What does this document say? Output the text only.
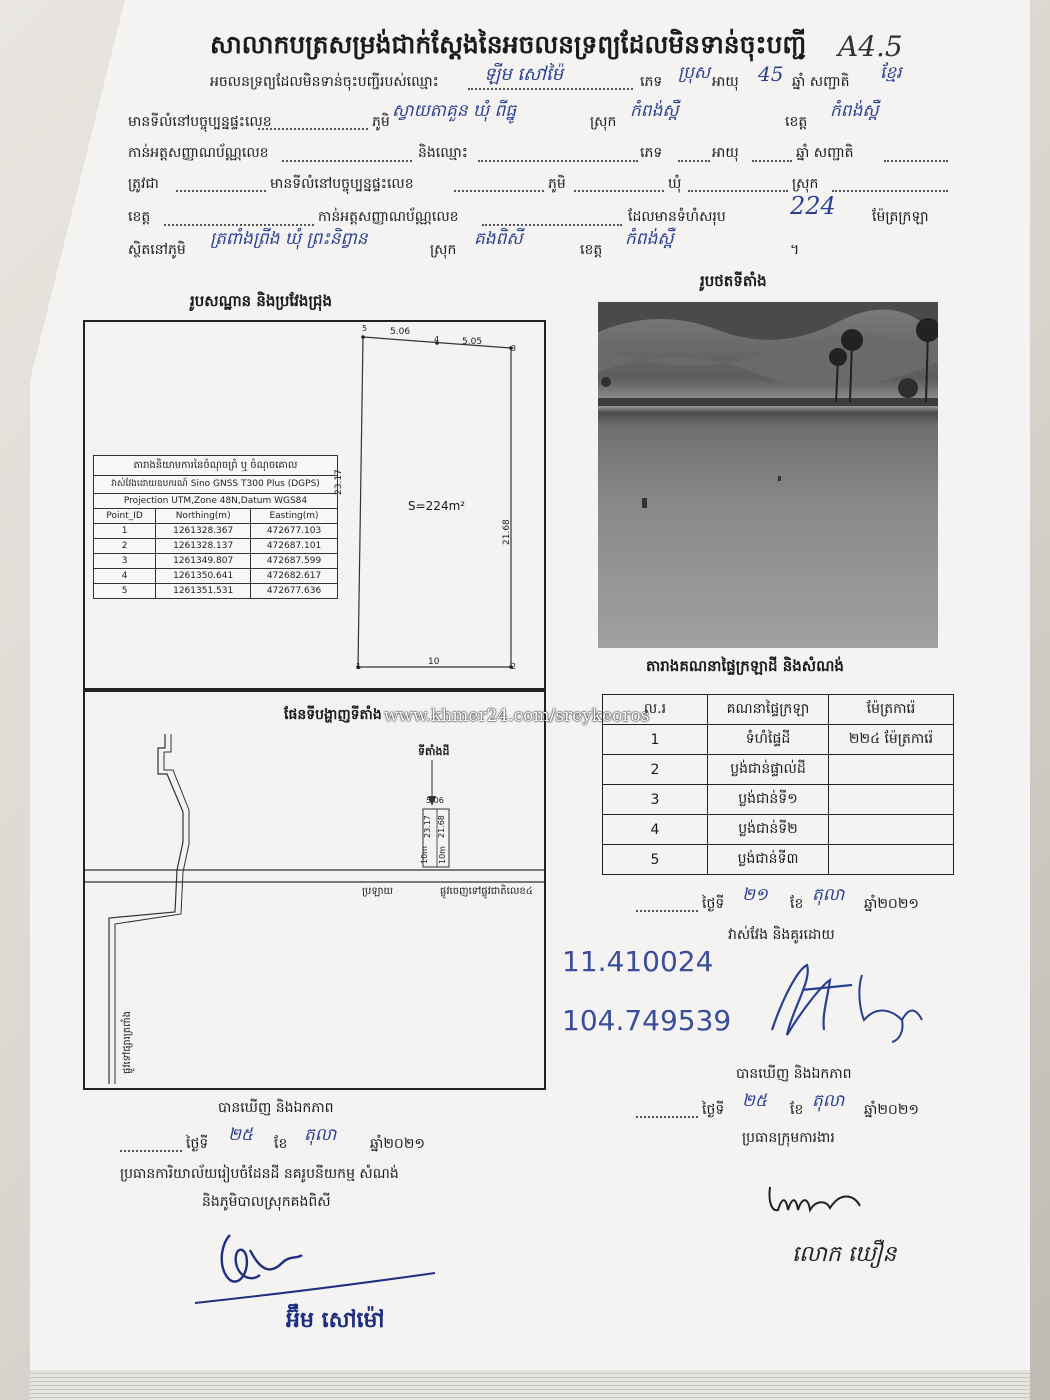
សាលាកបត្រសម្រង់ជាក់ស្តែងនៃអចលនទ្រព្យដែលមិនទាន់ចុះបញ្ជី A4.5
អចលនទ្រព្យដែលមិនទាន់ចុះបញ្ជីរបស់ឈ្មោះ	ឡីម សៅម៉ៃ	ភេទ ប្រុស អាយុ 45 ឆ្នាំ សញ្ជាតិ ខ្មែរ
មានទីលំនៅបច្ចុប្បន្នផ្ទះលេខ	ភូមិ
ស្វាយតាគួន ឃុំ ពីធ្នូ
ស្រុក
កំពង់ស្ពឺ
ខេត្ត
កំពង់ស្ពឺ
កាន់អត្តសញ្ញាណប័ណ្ណលេខ	និងឈ្មោះ	ភេទ	អាយុ	ឆ្នាំ សញ្ជាតិ
ត្រូវជា	មានទីលំនៅបច្ចុប្បន្នផ្ទះលេខ	ភូមិ	ឃុំ	ស្រុក
ខេត្ត	កាន់អត្តសញ្ញាណប័ណ្ណលេខ	ដែលមានទំហំសរុប	224	ម៉ែត្រក្រឡា
ស្ថិតនៅភូមិ
ត្រពាំងព្រីង ឃុំ ព្រះនិព្វាន
ស្រុក
គងពិសី
ខេត្ត
កំពង់ស្ពឺ
។
រូបសណ្ឋាន និងប្រវែងជ្រុង
រូបថតទីតាំង
តារាងនិយាមការនៃចំណុចព្រំ ឬ ចំណុចគោល		
វាស់វែងដោយឧបករណ៍ Sino GNSS T300 Plus (DGPS)		
Projection UTM,Zone 48N,Datum WGS84		
Point_ID	Northing(m)	Easting(m)
1	1261328.367	472677.103
2	1261328.137	472687.101
3	1261349.807	472687.599
4	1261350.641	472682.617
5	1261351.531	472677.636
5	5.06
4	5.05
3
23.17
S=224m²
21.68
1	10	2
ផែនទីបង្ហាញទីតាំង
ទីតាំងដី
5.06
23.17 21.68
10m 10m
ប្រឡាយ	ផ្លូវចេញទៅផ្លូវជាតិលេខ៤
ផ្លូវទៅផ្សារត្រពាំង
www.khmer24.com/sreykeoros
តារាងគណនាផ្ទៃក្រឡាដី និងសំណង់
ល.រ	គណនាផ្ទៃក្រឡា	ម៉ែត្រការ៉េ
1	ទំហំផ្ទៃដី	២២៤ ម៉ែត្រការ៉េ
2	ប្លង់ជាន់ផ្ទាល់ដី	
3	ប្លង់ជាន់ទី១	
4	ប្លង់ជាន់ទី២	
5	ប្លង់ជាន់ទី៣	
ថ្ងៃទី ២១ ខែ តុលា ឆ្នាំ២០២១
វាស់វែង និងគូរដោយ
11.410024
104.749539
បានឃើញ និងឯកភាព
ថ្ងៃទី ២៥ ខែ តុលា ឆ្នាំ២០២១
ប្រធានក្រុមការងារ
លោក ឃឿន
បានឃើញ និងឯកភាព
ថ្ងៃទី ២៥ ខែ តុលា ឆ្នាំ២០២១
ប្រធានការិយាល័យរៀបចំដែនដី នគរូបនីយកម្ម សំណង់
និងភូមិបាលស្រុកគងពិសី
អ៊ឹម សៅម៉ៅ
